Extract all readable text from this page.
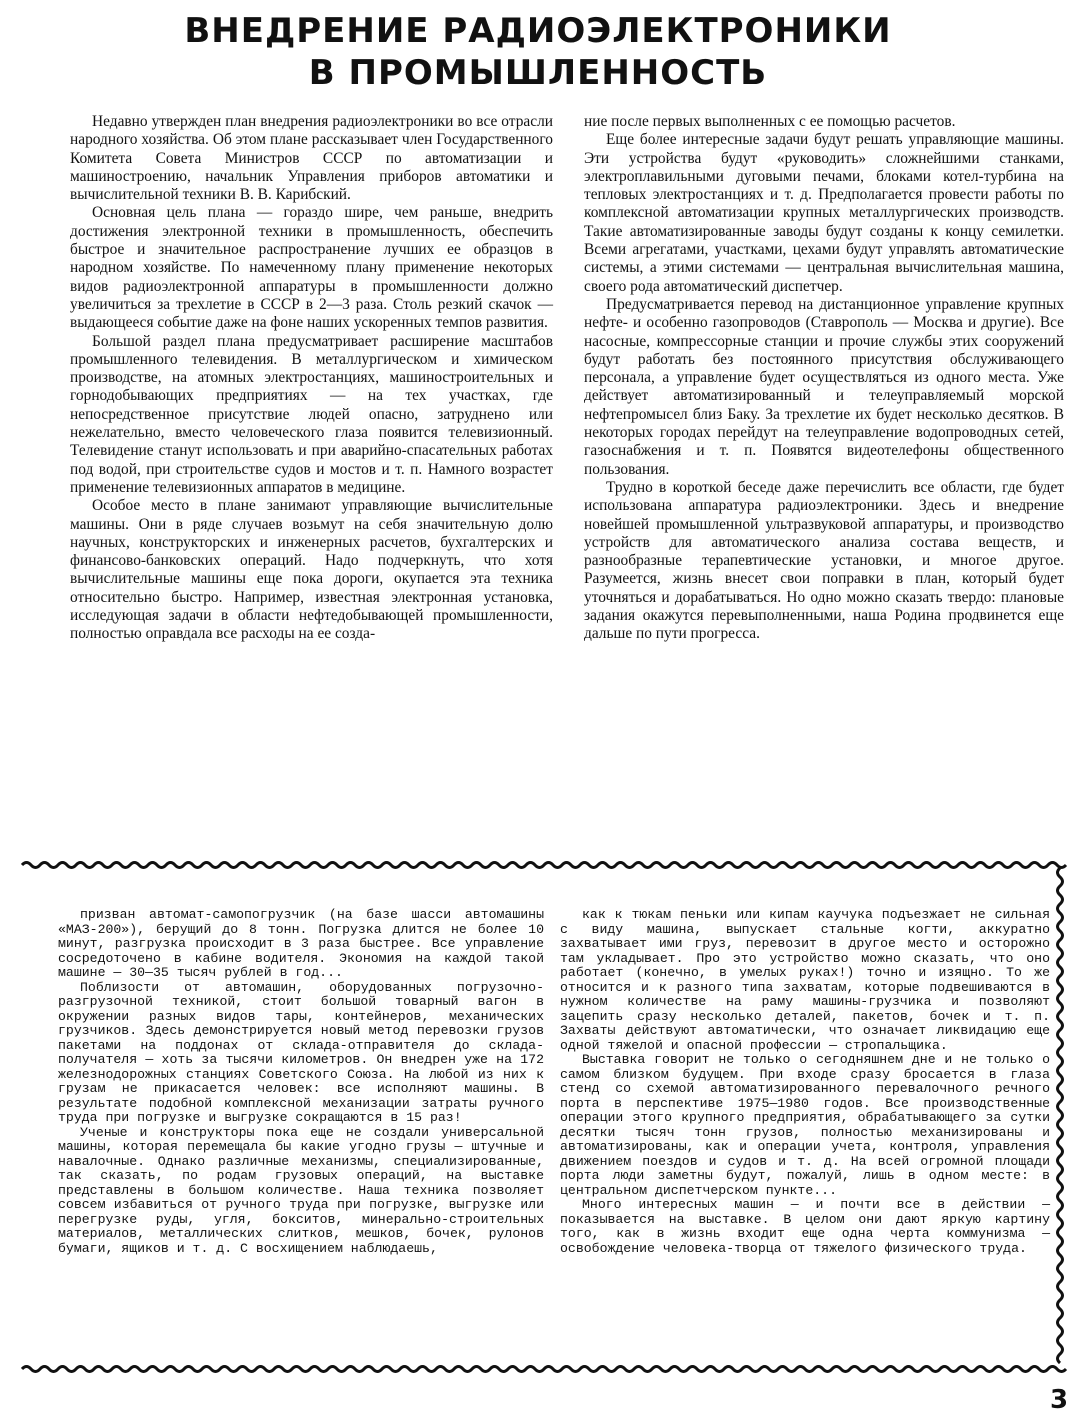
ВНЕДРЕНИЕ РАДИОЭЛЕКТРОНИКИ
В ПРОМЫШЛЕННОСТЬ

Недавно утвержден план внедрения радиоэлектроники во все отрасли народного хозяйства. Об этом плане рассказывает член Государственного Комитета Совета Министров СССР по автоматизации и машиностроению, начальник Управления приборов автоматики и вычислительной техники В. В. Карибский.

Основная цель плана — гораздо шире, чем раньше, внедрить достижения электронной техники в промышленность, обеспечить быстрое и значительное распространение лучших ее образцов в народном хозяйстве. По намеченному плану применение некоторых видов радиоэлектронной аппаратуры в промышленности должно увеличиться за трехлетие в СССР в 2—3 раза. Столь резкий скачок — выдающееся событие даже на фоне наших ускоренных темпов развития.

Большой раздел плана предусматривает расширение масштабов промышленного телевидения. В металлургическом и химическом производстве, на атомных электростанциях, машиностроительных и горнодобывающих предприятиях — на тех участках, где непосредственное присутствие людей опасно, затруднено или нежелательно, вместо человеческого глаза появится телевизионный. Телевидение станут использовать и при аварийно-спасательных работах под водой, при строительстве судов и мостов и т. п. Намного возрастет применение телевизионных аппаратов в медицине.

Особое место в плане занимают управляющие вычислительные машины. Они в ряде случаев возьмут на себя значительную долю научных, конструкторских и инженерных расчетов, бухгалтерских и финансово-банковских операций. Надо подчеркнуть, что хотя вычислительные машины еще пока дороги, окупается эта техника относительно быстро. Например, известная электронная установка, исследующая задачи в области нефтедобывающей промышленности, полностью оправдала все расходы на ее созда-

ние после первых выполненных с ее помощью расчетов.

Еще более интересные задачи будут решать управляющие машины. Эти устройства будут «руководить» сложнейшими станками, электроплавильными дуговыми печами, блоками котел-турбина на тепловых электростанциях и т. д. Предполагается провести работы по комплексной автоматизации крупных металлургических производств. Такие автоматизированные заводы будут созданы к концу семилетки. Всеми агрегатами, участками, цехами будут управлять автоматические системы, а этими системами — центральная вычислительная машина, своего рода автоматический диспетчер.

Предусматривается перевод на дистанционное управление крупных нефте- и особенно газопроводов (Ставрополь — Москва и другие). Все насосные, компрессорные станции и прочие службы этих сооружений будут работать без постоянного присутствия обслуживающего персонала, а управление будет осуществляться из одного места. Уже действует автоматизированный и телеуправляемый морской нефтепромысел близ Баку. За трехлетие их будет несколько десятков. В некоторых городах перейдут на телеуправление водопроводных сетей, газоснабжения и т. п. Появятся видеотелефоны общественного пользования.

Трудно в короткой беседе даже перечислить все области, где будет использована аппаратура радиоэлектроники. Здесь и внедрение новейшей промышленной ультразвуковой аппаратуры, и производство устройств для автоматического анализа состава веществ, и разнообразные терапевтические установки, и многое другое. Разумеется, жизнь внесет свои поправки в план, который будет уточняться и дорабатываться. Но одно можно сказать твердо: плановые задания окажутся перевыполненными, наша Родина продвинется еще дальше по пути прогресса.

призван автомат-самопогрузчик (на базе шасси автомашины «МАЗ-200»), берущий до 8 тонн. Погрузка длится не более 10 минут, разгрузка происходит в 3 раза быстрее. Все управление сосредоточено в кабине водителя. Экономия на каждой такой машине — 30—35 тысяч рублей в год...

Поблизости от автомашин, оборудованных погрузочно-разгрузочной техникой, стоит большой товарный вагон в окружении разных видов тары, контейнеров, механических грузчиков. Здесь демонстрируется новый метод перевозки грузов пакетами на поддонах от склада-отправителя до склада-получателя — хоть за тысячи километров. Он внедрен уже на 172 железнодорожных станциях Советского Союза. На любой из них к грузам не прикасается человек: все исполняют машины. В результате подобной комплексной механизации затраты ручного труда при погрузке и выгрузке сокращаются в 15 раз!

Ученые и конструкторы пока еще не создали универсальной машины, которая перемещала бы какие угодно грузы — штучные и навалочные. Однако различные механизмы, специализированные, так сказать, по родам грузовых операций, на выставке представлены в большом количестве. Наша техника позволяет совсем избавиться от ручного труда при погрузке, выгрузке или перегрузке руды, угля, бокситов, минерально-строительных материалов, металлических слитков, мешков, бочек, рулонов бумаги, ящиков и т. д. С восхищением наблюдаешь,

как к тюкам пеньки или кипам каучука подъезжает не сильная с виду машина, выпускает стальные когти, аккуратно захватывает ими груз, перевозит в другое место и осторожно там укладывает. Про это устройство можно сказать, что оно работает (конечно, в умелых руках!) точно и изящно. То же относится и к разного типа захватам, которые подвешиваются в нужном количестве на раму машины-грузчика и позволяют зацепить сразу несколько деталей, пакетов, бочек и т. п. Захваты действуют автоматически, что означает ликвидацию еще одной тяжелой и опасной профессии — стропальщика.

Выставка говорит не только о сегодняшнем дне и не только о самом близком будущем. При входе сразу бросается в глаза стенд со схемой автоматизированного перевалочного речного порта в перспективе 1975—1980 годов. Все производственные операции этого крупного предприятия, обрабатывающего за сутки десятки тысяч тонн грузов, полностью механизированы и автоматизированы, как и операции учета, контроля, управления движением поездов и судов и т. д. На всей огромной площади порта люди заметны будут, пожалуй, лишь в одном месте: в центральном диспетчерском пункте...

Много интересных машин — и почти все в действии — показывается на выставке. В целом они дают яркую картину того, как в жизнь входит еще одна черта коммунизма — освобождение человека-творца от тяжелого физического труда.

3
